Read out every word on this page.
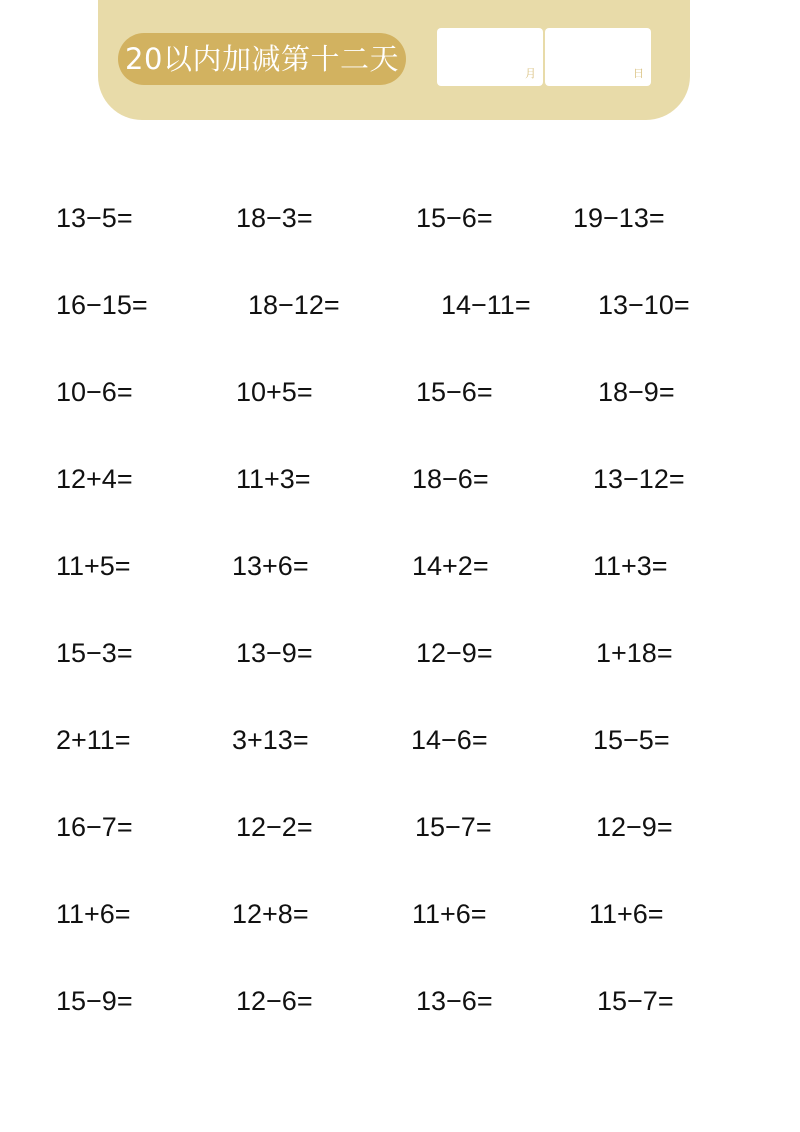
20以内加减第十二天	月	日
13−5=	18−3=	15−6=	19−13=
16−15=	18−12=	14−11= 13−10=
10−6=	10+5=	15−6=	18−9=
12+4=	11+3=	18−6=	13−12=
11+5=	13+6=	14+2=	11+3=
15−3=	13−9=	12−9=	1+18=
2+11=	3+13=	14−6=	15−5=
16−7=	12−2=	15−7=	12−9=
11+6=	12+8=	11+6=	11+6=
15−9=	12−6=	13−6=	15−7=
